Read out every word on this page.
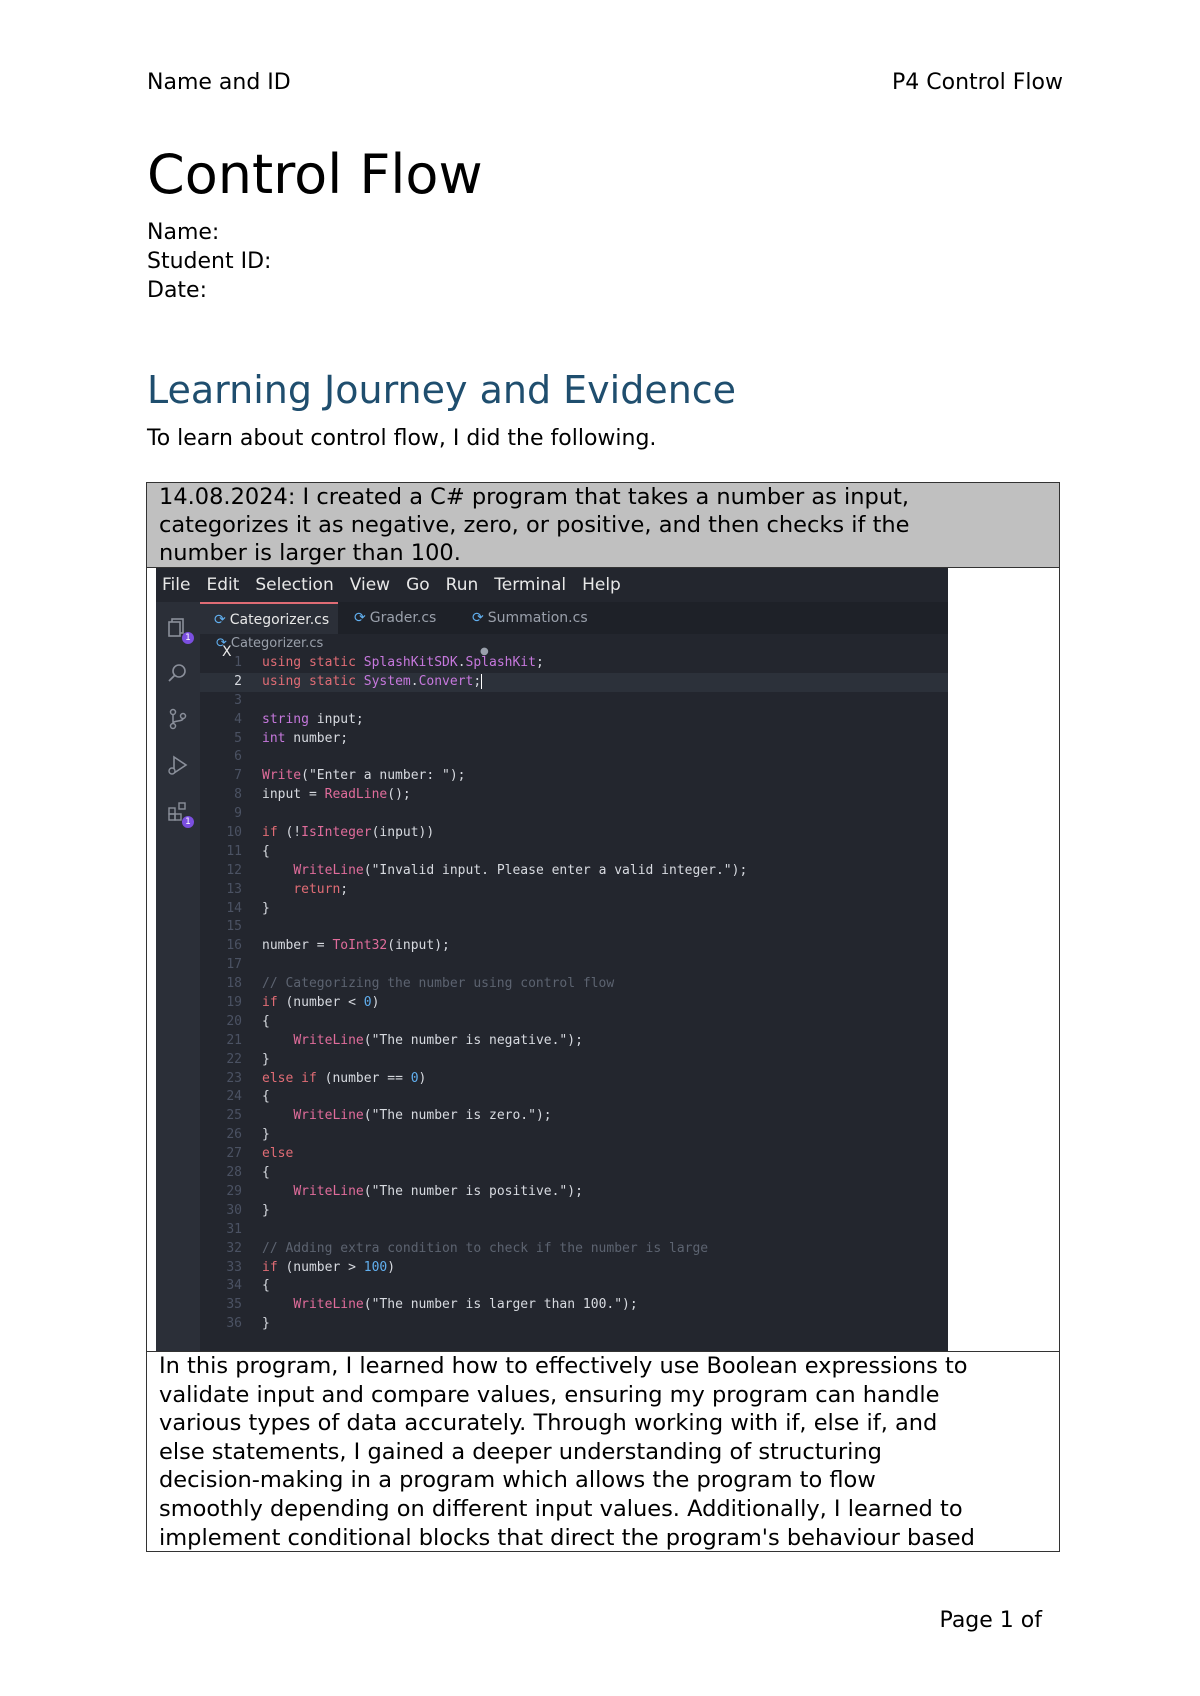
Name and ID	P4 Control Flow
Control Flow
Name:
Student ID:
Date:
Learning Journey and Evidence
To learn about control flow, I did the following.

14.08.2024: I created a C# program that takes a number as input,
categorizes it as negative, zero, or positive, and then checks if the
number is larger than 100.

File Edit Selection View Go Run Terminal Help
1
1
⟳ Categorizer.cs X
⟳ Grader.cs	⟳ Summation.cs ●
⟳ Categorizer.cs
1 using static SplashKitSDK.SplashKit;
2 using static System.Convert;
3
4 string input;
5 int number;
6
7 Write("Enter a number: ");
8 input = ReadLine();
9
10 if (!IsInteger(input))
11 {
12	WriteLine("Invalid input. Please enter a valid integer.");
13	return;
14 }
15
16 number = ToInt32(input);
17
18 // Categorizing the number using control flow
19 if (number < 0)
20 {
21	WriteLine("The number is negative.");
22 }
23 else if (number == 0)
24 {
25	WriteLine("The number is zero.");
26 }
27 else
28 {
29	WriteLine("The number is positive.");
30 }
31
32 // Adding extra condition to check if the number is large
33 if (number > 100)
34 {
35	WriteLine("The number is larger than 100.");
36 }

In this program, I learned how to effectively use Boolean expressions to
validate input and compare values, ensuring my program can handle
various types of data accurately. Through working with if, else if, and
else statements, I gained a deeper understanding of structuring
decision-making in a program which allows the program to flow
smoothly depending on different input values. Additionally, I learned to
implement conditional blocks that direct the program's behaviour based

Page 1 of
